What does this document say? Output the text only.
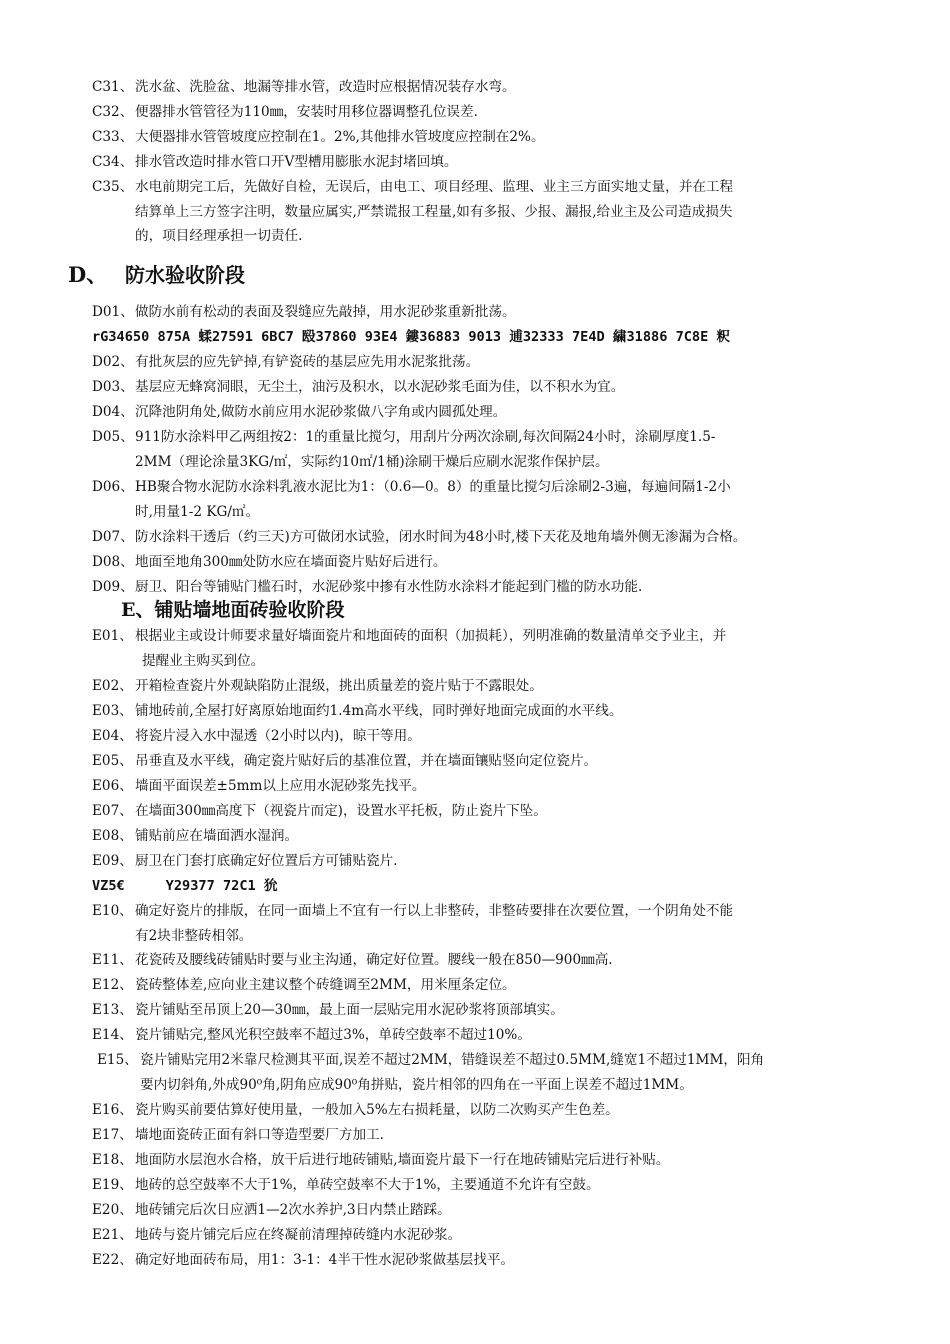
C31、 洗水盆、洗脸盆、地漏等排水管，改造时应根据情况装存水弯。
C32、 便器排水管管径为110㎜，安装时用移位器调整孔位误差.
C33、 大便器排水管管坡度应控制在1。2%,其他排水管坡度应控制在2%。
C34、 排水管改造时排水管口开V型槽用膨胀水泥封堵回填。
C35、 水电前期完工后，先做好自检，无误后，由电工、项目经理、监理、业主三方面实地丈量，并在工程
结算单上三方签字注明，数量应属实,严禁谎报工程量,如有多报、少报、漏报,给业主及公司造成损失
的，项目经理承担一切责任.
D、 防水验收阶段
D01、做防水前有松动的表面及裂缝应先敲掉，用水泥砂浆重新批荡。
rG34650 875A 蝚27591 6BC7 殹37860 93E4 鏤36883 9013 逋32333 7E4D 繍31886 7C8E 粎
D02、有批灰层的应先铲掉,有铲瓷砖的基层应先用水泥浆批荡。
D03、基层应无蜂窝洞眼，无尘土，油污及积水，以水泥砂浆毛面为佳，以不积水为宜。
D04、沉降池阴角处,做防水前应用水泥砂浆做八字角或内圆孤处理。
D05、911防水涂料甲乙两组按2：1的重量比搅匀，用刮片分两次涂刷,每次间隔24小时，涂刷厚度1.5-
2MM（理论涂量3KG/㎡，实际约10㎡/1桶)涂刷干燥后应刷水泥浆作保护层。
D06、HB聚合物水泥防水涂料乳液水泥比为1：（0.6—0。8）的重量比搅匀后涂刷2-3遍，每遍间隔1-2小
时,用量1-2 KG/㎡。
D07、防水涂料干透后（约三天)方可做闭水试验，闭水时间为48小时,楼下天花及地角墙外侧无渗漏为合格。
D08、地面至地角300㎜处防水应在墙面瓷片贴好后进行。
D09、厨卫、阳台等铺贴门槛石时，水泥砂浆中掺有水性防水涂料才能起到门槛的防水功能.
E、铺贴墙地面砖验收阶段
E01、 根据业主或设计师要求量好墙面瓷片和地面砖的面积（加损耗），列明准确的数量清单交予业主，并
提醒业主购买到位。
E02、 开箱检查瓷片外观缺陷防止混级，挑出质量差的瓷片贴于不露眼处。
E03、 铺地砖前,全屋打好离原始地面约1.4m高水平线，同时弹好地面完成面的水平线。
E04、 将瓷片浸入水中湿透（2小时以内)，晾干等用。
E05、 吊垂直及水平线，确定瓷片贴好后的基准位置，并在墙面镶贴竖向定位瓷片。
E06、 墙面平面误差±5mm以上应用水泥砂浆先找平。
E07、 在墙面300㎜高度下（视瓷片而定)，设置水平托板，防止瓷片下坠。
E08、 铺贴前应在墙面洒水湿润。
E09、 厨卫在门套打底确定好位置后方可铺贴瓷片.
VZ5€     Y29377 72C1 狁
E10、 确定好瓷片的排版，在同一面墙上不宜有一行以上非整砖，非整砖要排在次要位置，一个阴角处不能
有2块非整砖相邻。
E11、 花瓷砖及腰线砖铺贴时要与业主沟通，确定好位置。腰线一般在850—900㎜高.
E12、 瓷砖整体差,应向业主建议整个砖缝调至2MM，用米厘条定位。
E13、 瓷片铺贴至吊顶上20—30㎜，最上面一层贴完用水泥砂浆将顶部填实。
E14、 瓷片铺贴完,整风光积空鼓率不超过3%，单砖空鼓率不超过10%。
E15、 瓷片铺贴完用2米靠尺检测其平面,误差不超过2MM，错缝误差不超过0.5MM,缝宽1不超过1MM，阳角
要内切斜角,外成90⁰角,阴角应成90⁰角拼贴，瓷片相邻的四角在一平面上误差不超过1MM。
E16、 瓷片购买前要估算好使用量，一般加入5%左右损耗量，以防二次购买产生色差。
E17、 墙地面瓷砖正面有斜口等造型要厂方加工.
E18、 地面防水层泡水合格，放干后进行地砖铺贴,墙面瓷片最下一行在地砖铺贴完后进行补贴。
E19、 地砖的总空鼓率不大于1%，单砖空鼓率不大于1%，主要通道不允许有空鼓。
E20、 地砖铺完后次日应洒1—2次水养护,3日内禁止踏踩。
E21、 地砖与瓷片铺完后应在终凝前清理掉砖缝内水泥砂浆。
E22、 确定好地面砖布局，用1：3-1：4半干性水泥砂浆做基层找平。
